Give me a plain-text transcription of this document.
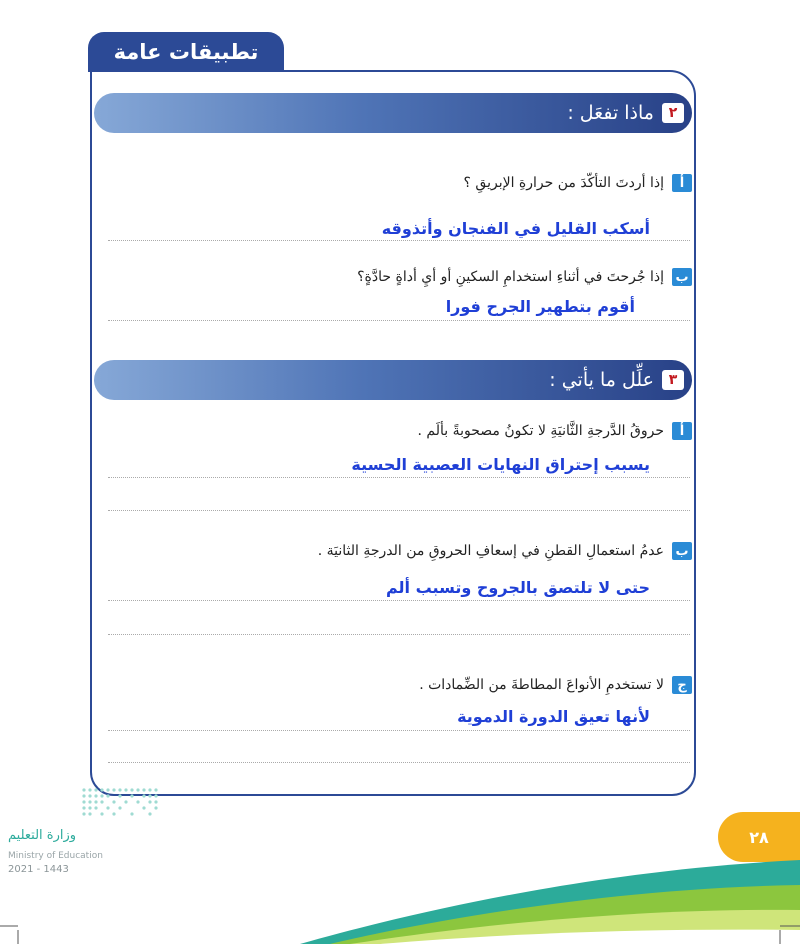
تطبيقات عامة
٢
ماذا تفعَل :
أ
إذا أردتَ التأكّدَ من حرارةِ الإبريقِ ؟
أسكب القليل في الفنجان وأتذوقه
ب
إذا جُرحتَ في أثناءِ استخدامِ السكينِ أو أيِ أداةٍ حادَّةٍ؟
أقوم بتطهير الجرح فورا
٣
علِّل ما يأتي :
أ
حروقُ الدَّرجةِ الثَّانيَةِ لا تكونُ مصحوبةً بألَم .
يسبب إحتراق النهايات العصبية الحسية
ب
عدمُ استعمالِ القطنِ في إسعافِ الحروقِ من الدرجةِ الثانيَة .
حتى لا تلتصق بالجروح وتسبب ألم
ج
لا تستخدمِ الأنواعَ المطاطةَ من الضِّمادات .
لأنها تعيق الدورة الدموية
وزارة التعليم
Ministry of Education
2021 - 1443
٢٨
